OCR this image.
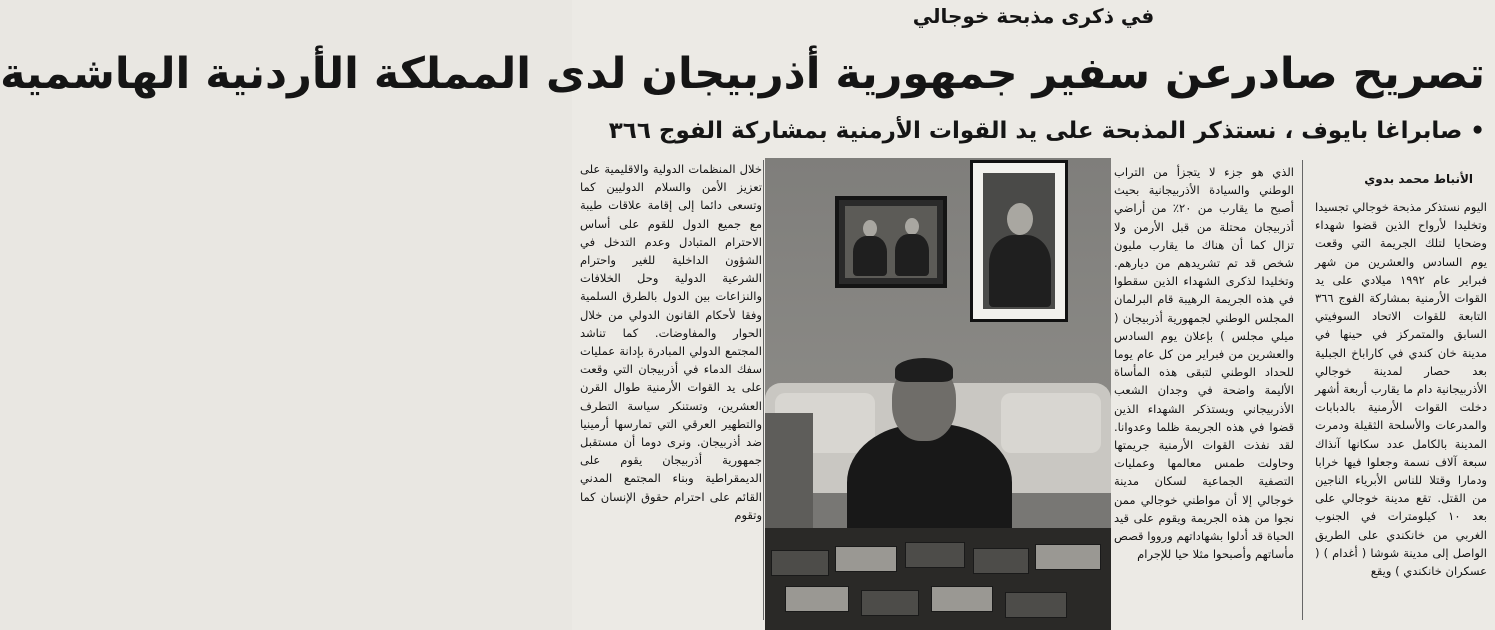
في ذكرى مذبحة خوجالي
تصريح صادرعن سفير جمهورية أذربيجان لدى المملكة الأردنية الهاشمية
• صابراغا بايوف ، نستذكر المذبحة على يد القوات الأرمنية بمشاركة الفوج ٣٦٦
الأنباط محمد بدوي

اليوم نستذكر مذبحة خوجالي تجسيدا وتخليدا لأرواح الذين قضوا شهداء وضحايا لتلك الجريمة التي وقعت يوم السادس والعشرين من شهر فبراير عام ١٩٩٢ ميلادي على يد القوات الأرمنية بمشاركة الفوج ٣٦٦ التابعة للقوات الاتحاد السوفيتي السابق والمتمركز في حينها في مدينة خان كندي في كاراباخ الجبلية بعد حصار لمدينة خوجالي الأذربيجانية دام ما يقارب أربعة أشهر دخلت القوات الأرمنية بالدبابات والمدرعات والأسلحة الثقيلة ودمرت المدينة بالكامل عدد سكانها آنذاك سبعة آلاف نسمة وجعلوا فيها خرابا ودمارا وقتلا للناس الأبرياء الناجين من القتل. تقع مدينة خوجالي على بعد ١٠ كيلومترات في الجنوب الغربي من خانكندي على الطريق الواصل إلى مدينة شوشا ( أغدام ) ( عسكران خانكندي ) ويقع

الذي هو جزء لا يتجزأ من التراب الوطني والسيادة الأذربيجانية بحيث أصبح ما يقارب من ٢٠٪ من أراضي أذربيجان محتلة من قبل الأرمن ولا تزال كما أن هناك ما يقارب مليون شخص قد تم تشريدهم من ديارهم. وتخليدا لذكرى الشهداء الذين سقطوا في هذه الجريمة الرهيبة قام البرلمان المجلس الوطني لجمهورية أذربيجان ( ميلي مجلس ) بإعلان يوم السادس والعشرين من فبراير من كل عام يوما للحداد الوطني لتبقى هذه المأساة الأليمة واضحة في وجدان الشعب الأذربيجاني ويستذكر الشهداء الذين قضوا في هذه الجريمة ظلما وعدوانا. لقد نفذت القوات الأرمنية جريمتها وحاولت طمس معالمها وعمليات التصفية الجماعية لسكان مدينة خوجالي إلا أن مواطني خوجالي ممن نجوا من هذه الجريمة ويقوم على قيد الحياة قد أدلوا بشهاداتهم ورووا قصص مأساتهم وأصبحوا مثلا حيا للإجرام

خلال المنظمات الدولية والاقليمية على تعزيز الأمن والسلام الدوليين كما وتسعى دائما إلى إقامة علاقات طيبة مع جميع الدول للقوم على أساس الاحترام المتبادل وعدم التدخل في الشؤون الداخلية للغير واحترام الشرعية الدولية وحل الخلافات والنزاعات بين الدول بالطرق السلمية وفقا لأحكام القانون الدولي من خلال الحوار والمفاوضات. كما تناشد المجتمع الدولي المبادرة بإدانة عمليات سفك الدماء في أذربيجان التي وقعت على يد القوات الأرمنية طوال القرن العشرين، وتستنكر سياسة التطرف والتطهير العرقي التي تمارسها أرمينيا ضد أذربيجان. ونرى دوما أن مستقبل جمهورية أذربيجان يقوم على الديمقراطية وبناء المجتمع المدني القائم على احترام حقوق الإنسان كما وتقوم
